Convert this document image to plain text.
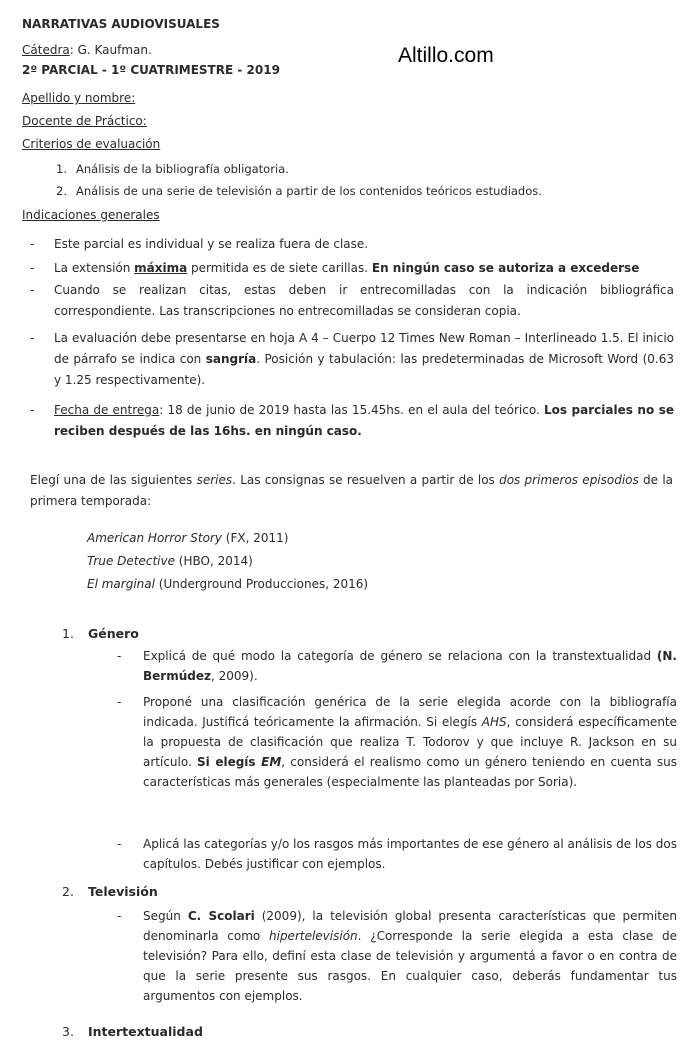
Altillo.com
NARRATIVAS AUDIOVISUALES
Cátedra: G. Kaufman.
2º PARCIAL - 1º CUATRIMESTRE - 2019
Apellido y nombre:
Docente de Práctico:
Criterios de evaluación
1. Análisis de la bibliografía obligatoria.
2. Análisis de una serie de televisión a partir de los contenidos teóricos estudiados.
Indicaciones generales
- Este parcial es individual y se realiza fuera de clase.
- La extensión máxima permitida es de siete carillas. En ningún caso se autoriza a excederse
- Cuando se realizan citas, estas deben ir entrecomilladas con la indicación bibliográfica correspondiente. Las transcripciones no entrecomilladas se consideran copia.
- La evaluación debe presentarse en hoja A 4 – Cuerpo 12 Times New Roman – Interlineado 1.5. El inicio de párrafo se indica con sangría. Posición y tabulación: las predeterminadas de Microsoft Word (0.63 y 1.25 respectivamente).
- Fecha de entrega: 18 de junio de 2019 hasta las 15.45hs. en el aula del teórico. Los parciales no se reciben después de las 16hs. en ningún caso.
Elegí una de las siguientes series. Las consignas se resuelven a partir de los dos primeros episodios de la primera temporada:
American Horror Story (FX, 2011)
True Detective (HBO, 2014)
El marginal (Underground Producciones, 2016)
1. Género
- Explicá de qué modo la categoría de género se relaciona con la transtextualidad (N. Bermúdez, 2009).
- Proponé una clasificación genérica de la serie elegida acorde con la bibliografía indicada. Justificá teóricamente la afirmación. Si elegís AHS, considerá específicamente la propuesta de clasificación que realiza T. Todorov y que incluye R. Jackson en su artículo. Si elegís EM, considerá el realismo como un género teniendo en cuenta sus características más generales (especialmente las planteadas por Soria).
- Aplicá las categorías y/o los rasgos más importantes de ese género al análisis de los dos capítulos. Debés justificar con ejemplos.
2. Televisión
- Según C. Scolari (2009), la televisión global presenta características que permiten denominarla como hipertelevisión. ¿Corresponde la serie elegida a esta clase de televisión? Para ello, definí esta clase de televisión y argumentá a favor o en contra de que la serie presente sus rasgos. En cualquier caso, deberás fundamentar tus argumentos con ejemplos.
3. Intertextualidad
